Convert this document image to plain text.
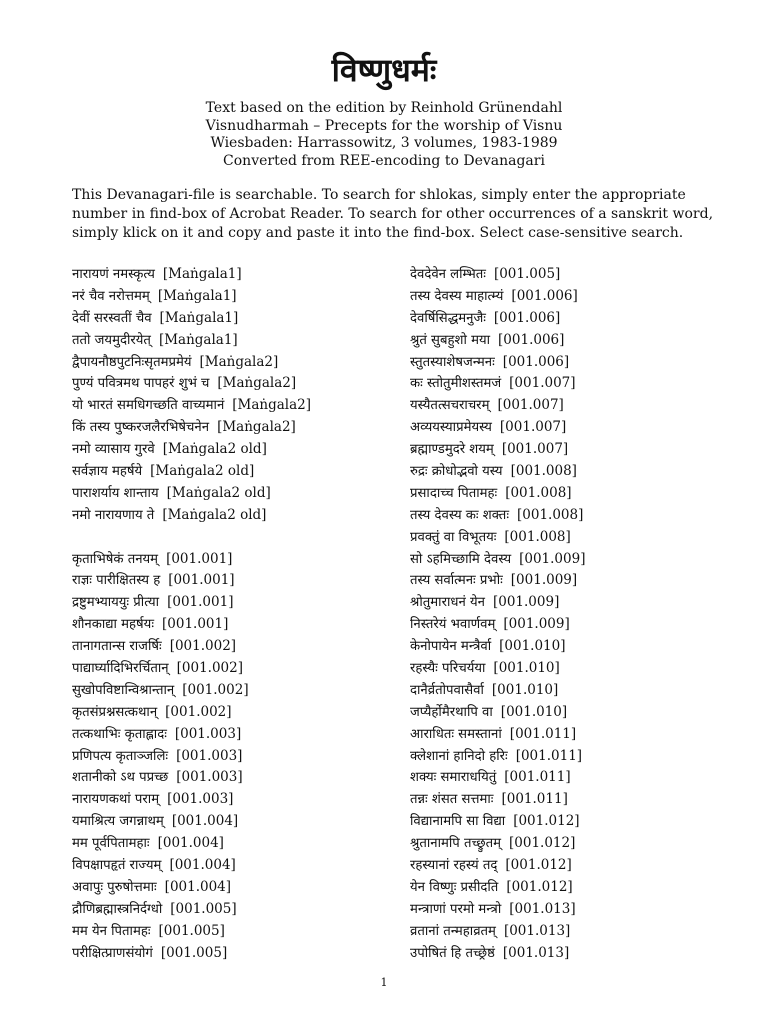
विष्णुधर्मः
Text based on the edition by Reinhold Grünendahl
Visnudharmah – Precepts for the worship of Visnu
Wiesbaden: Harrassowitz, 3 volumes, 1983-1989
Converted from REE-encoding to Devanagari
This Devanagari-file is searchable. To search for shlokas, simply enter the appropriate
number in find-box of Acrobat Reader. To search for other occurrences of a sanskrit word,
simply klick on it and copy and paste it into the find-box. Select case-sensitive search.
नारायणं नमस्कृत्य [Maṅgala1]
नरं चैव नरोत्तमम् [Maṅgala1]
देवीं सरस्वतीं चैव [Maṅgala1]
ततो जयमुदीरयेत् [Maṅgala1]
द्वैपायनौष्ठपुटनिःसृतमप्रमेयं [Maṅgala2]
पुण्यं पवित्रमथ पापहरं शुभं च [Maṅgala2]
यो भारतं समधिगच्छति वाच्यमानं [Maṅgala2]
किं तस्य पुष्करजलैरभिषेचनेन [Maṅgala2]
नमो व्यासाय गुरवे [Maṅgala2 old]
सर्वज्ञाय महर्षये [Maṅgala2 old]
पाराशर्याय शान्ताय [Maṅgala2 old]
नमो नारायणाय ते [Maṅgala2 old]
कृताभिषेकं तनयम् [001.001]
राज्ञः पारीक्षितस्य ह [001.001]
द्रष्टुमभ्याययुः प्रीत्या [001.001]
शौनकाद्या महर्षयः [001.001]
तानागतान्स राजर्षिः [001.002]
पाद्यार्घ्यादिभिरर्चितान् [001.002]
सुखोपविष्टान्विश्रान्तान् [001.002]
कृतसंप्रश्नसत्कथान् [001.002]
तत्कथाभिः कृताह्लादः [001.003]
प्रणिपत्य कृताञ्जलिः [001.003]
शतानीको ऽथ पप्रच्छ [001.003]
नारायणकथां पराम् [001.003]
यमाश्रित्य जगन्नाथम् [001.004]
मम पूर्वपितामहाः [001.004]
विपक्षापहृतं राज्यम् [001.004]
अवापुः पुरुषोत्तमाः [001.004]
द्रौणिब्रह्मास्त्रनिर्दग्धो [001.005]
मम येन पितामहः [001.005]
परीक्षित्प्राणसंयोगं [001.005]
देवदेवेन लम्भितः [001.005]
तस्य देवस्य माहात्म्यं [001.006]
देवर्षिसिद्धमनुजैः [001.006]
श्रुतं सुबहुशो मया [001.006]
स्तुतस्याशेषजन्मनः [001.006]
कः स्तोतुमीशस्तमजं [001.007]
यस्यैतत्सचराचरम् [001.007]
अव्ययस्याप्रमेयस्य [001.007]
ब्रह्माण्डमुदरे शयम् [001.007]
रुद्रः क्रोधोद्भवो यस्य [001.008]
प्रसादाच्च पितामहः [001.008]
तस्य देवस्य कः शक्तः [001.008]
प्रवक्तुं वा विभूतयः [001.008]
सो ऽहमिच्छामि देवस्य [001.009]
तस्य सर्वात्मनः प्रभोः [001.009]
श्रोतुमाराधनं येन [001.009]
निस्तरेयं भवार्णवम् [001.009]
केनोपायेन मन्त्रैर्वा [001.010]
रहस्यैः परिचर्यया [001.010]
दानैर्व्रतोपवासैर्वा [001.010]
जप्यैर्होमैरथापि वा [001.010]
आराधितः समस्तानां [001.011]
क्लेशानां हानिदो हरिः [001.011]
शक्यः समाराधयितुं [001.011]
तन्नः शंसत सत्तमाः [001.011]
विद्यानामपि सा विद्या [001.012]
श्रुतानामपि तच्छ्रुतम् [001.012]
रहस्यानां रहस्यं तद् [001.012]
येन विष्णुः प्रसीदति [001.012]
मन्त्राणां परमो मन्त्रो [001.013]
व्रतानां तन्महाव्रतम् [001.013]
उपोषितं हि तच्छ्रेष्ठं [001.013]
1
